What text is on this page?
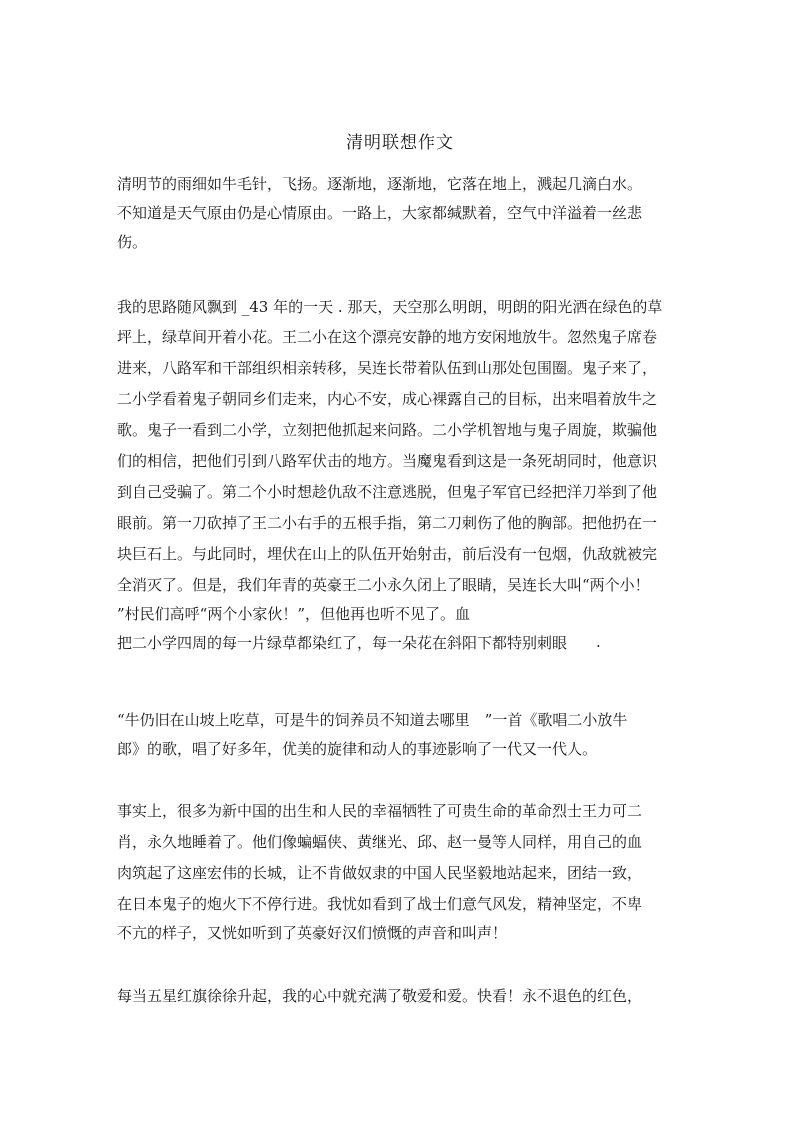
清明联想作文
清明节的雨细如牛毛针，飞扬。逐渐地，逐渐地，它落在地上，溅起几滴白水。
不知道是天气原由仍是心情原由。一路上，大家都缄默着，空气中洋溢着一丝悲
伤。
我的思路随风飘到 _43 年的一天 . 那天，天空那么明朗，明朗的阳光洒在绿色的草
坪上，绿草间开着小花。王二小在这个漂亮安静的地方安闲地放牛。忽然鬼子席卷
进来，八路军和干部组织相亲转移，吴连长带着队伍到山那处包围圈。鬼子来了，
二小学看着鬼子朝同乡们走来，内心不安，成心裸露自己的目标，出来唱着放牛之
歌。鬼子一看到二小学，立刻把他抓起来问路。二小学机智地与鬼子周旋，欺骗他
们的相信，把他们引到八路军伏击的地方。当魔鬼看到这是一条死胡同时，他意识
到自己受骗了。第二个小时想趁仇敌不注意逃脱，但鬼子军官已经把洋刀举到了他
眼前。第一刀砍掉了王二小右手的五根手指，第二刀刺伤了他的胸部。把他扔在一
块巨石上。与此同时，埋伏在山上的队伍开始射击，前后没有一包烟，仇敌就被完
全消灭了。但是，我们年青的英豪王二小永久闭上了眼睛，吴连长大叫“两个小！
”村民们高呼“两个小家伙！”，但他再也听不见了。血
把二小学四周的每一片绿草都染红了，每一朵花在斜阳下都特别刺眼 .
“牛仍旧在山坡上吃草，可是牛的饲养员不知道去哪里　”一首《歌唱二小放牛
郎》的歌，唱了好多年，优美的旋律和动人的事迹影响了一代又一代人。
事实上，很多为新中国的出生和人民的幸福牺牲了可贵生命的革命烈士王力可二
肖，永久地睡着了。他们像蝙蝠侠、黄继光、邱、赵一曼等人同样，用自己的血
肉筑起了这座宏伟的长城，让不肯做奴隶的中国人民坚毅地站起来，团结一致，
在日本鬼子的炮火下不停行进。我忧如看到了战士们意气风发，精神坚定，不卑
不亢的样子，又恍如听到了英豪好汉们愤慨的声音和叫声！
每当五星红旗徐徐升起，我的心中就充满了敬爱和爱。快看！永不退色的红色，
